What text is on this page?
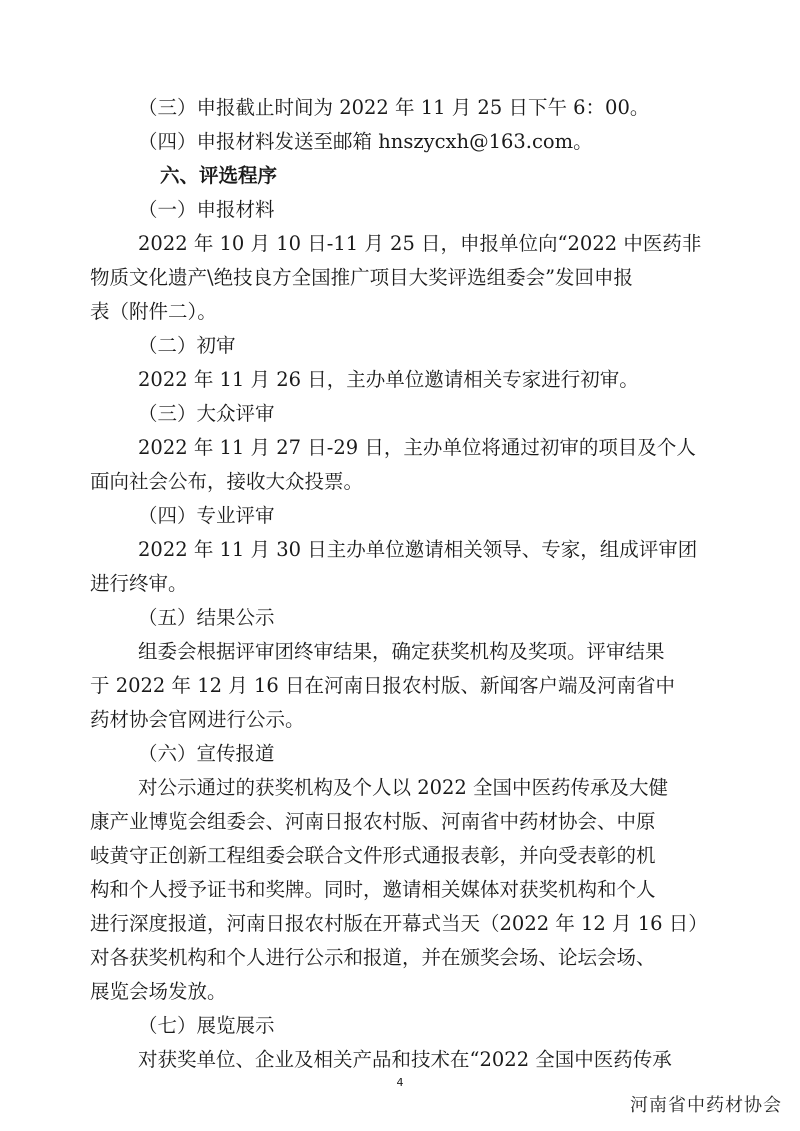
（三）申报截止时间为 2022 年 11 月 25 日下午 6：00。
（四）申报材料发送至邮箱 hnszycxh@163.com。
六、评选程序
（一）申报材料
2022 年 10 月 10 日-11 月 25 日，申报单位向“2022 中医药非
物质文化遗产\绝技良方全国推广项目大奖评选组委会”发回申报
表（附件二）。
（二）初审
2022 年 11 月 26 日，主办单位邀请相关专家进行初审。
（三）大众评审
2022 年 11 月 27 日-29 日，主办单位将通过初审的项目及个人
面向社会公布，接收大众投票。
（四）专业评审
2022 年 11 月 30 日主办单位邀请相关领导、专家，组成评审团
进行终审。
（五）结果公示
组委会根据评审团终审结果，确定获奖机构及奖项。评审结果
于 2022 年 12 月 16 日在河南日报农村版、新闻客户端及河南省中
药材协会官网进行公示。
（六）宣传报道
对公示通过的获奖机构及个人以 2022 全国中医药传承及大健
康产业博览会组委会、河南日报农村版、河南省中药材协会、中原
岐黄守正创新工程组委会联合文件形式通报表彰，并向受表彰的机
构和个人授予证书和奖牌。同时，邀请相关媒体对获奖机构和个人
进行深度报道，河南日报农村版在开幕式当天（2022 年 12 月 16 日）
对各获奖机构和个人进行公示和报道，并在颁奖会场、论坛会场、
展览会场发放。
（七）展览展示
对获奖单位、企业及相关产品和技术在“2022 全国中医药传承
4
河南省中药材协会
